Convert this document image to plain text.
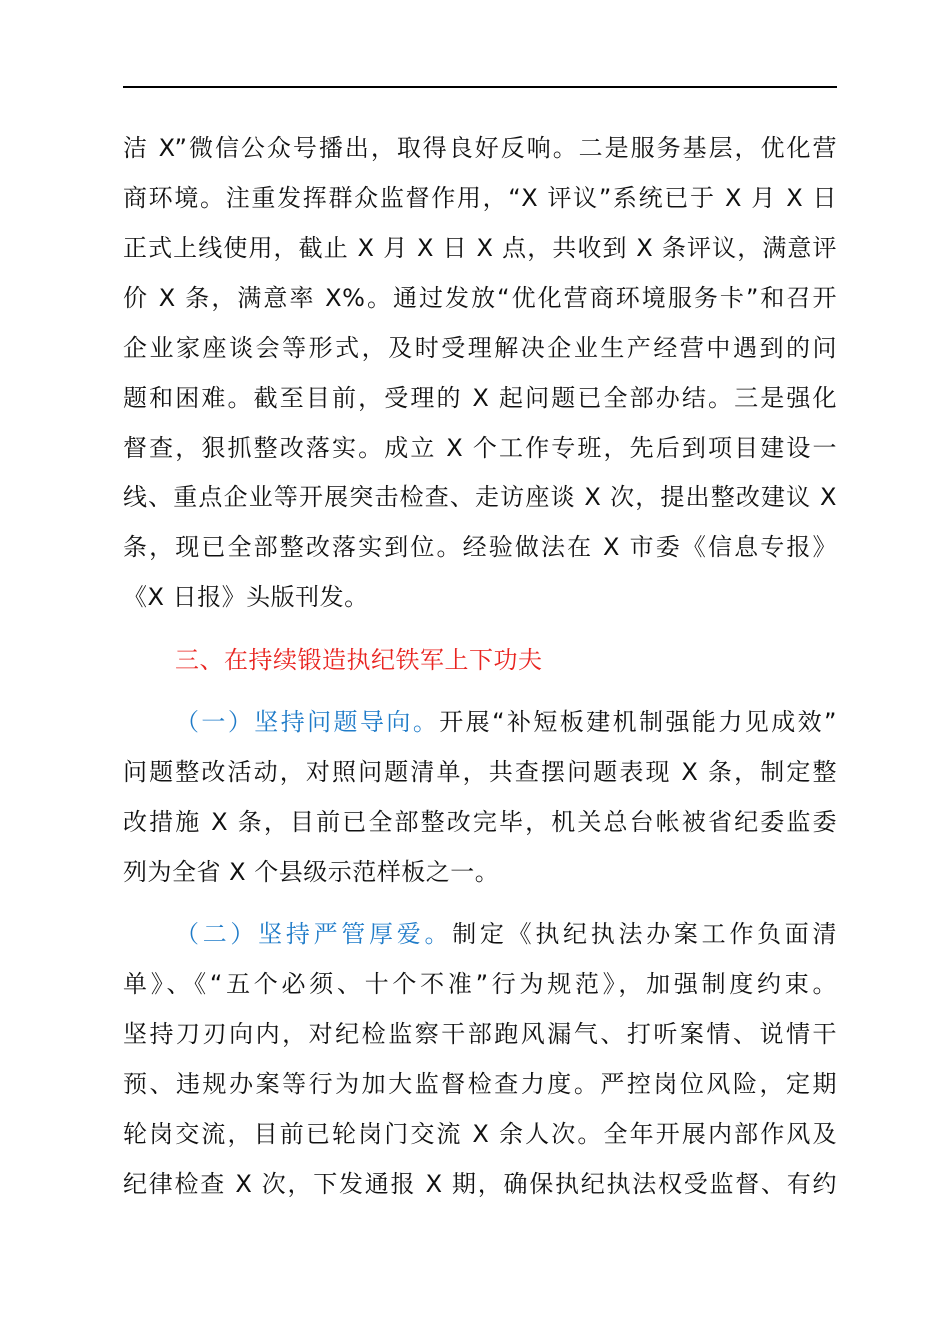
洁 X”微信公众号播出，取得良好反响。二是服务基层，优化营
商环境。注重发挥群众监督作用，“X 评议”系统已于 X 月 X 日
正式上线使用，截止 X 月 X 日 X 点，共收到 X 条评议，满意评
价 X 条，满意率 X%。通过发放“优化营商环境服务卡”和召开
企业家座谈会等形式，及时受理解决企业生产经营中遇到的问
题和困难。截至目前，受理的 X 起问题已全部办结。三是强化
督查，狠抓整改落实。成立 X 个工作专班，先后到项目建设一
线、重点企业等开展突击检查、走访座谈 X 次，提出整改建议 X
条，现已全部整改落实到位。经验做法在 X 市委《信息专报》
《X 日报》头版刊发。
三、在持续锻造执纪铁军上下功夫
（一）坚持问题导向。开展“补短板建机制强能力见成效”
问题整改活动，对照问题清单，共查摆问题表现 X 条，制定整
改措施 X 条，目前已全部整改完毕，机关总台帐被省纪委监委
列为全省 X 个县级示范样板之一。
（二）坚持严管厚爱。制定《执纪执法办案工作负面清
单》、《“五个必须、十个不准”行为规范》，加强制度约束。
坚持刀刃向内，对纪检监察干部跑风漏气、打听案情、说情干
预、违规办案等行为加大监督检查力度。严控岗位风险，定期
轮岗交流，目前已轮岗门交流 X 余人次。全年开展内部作风及
纪律检查 X 次，下发通报 X 期，确保执纪执法权受监督、有约
